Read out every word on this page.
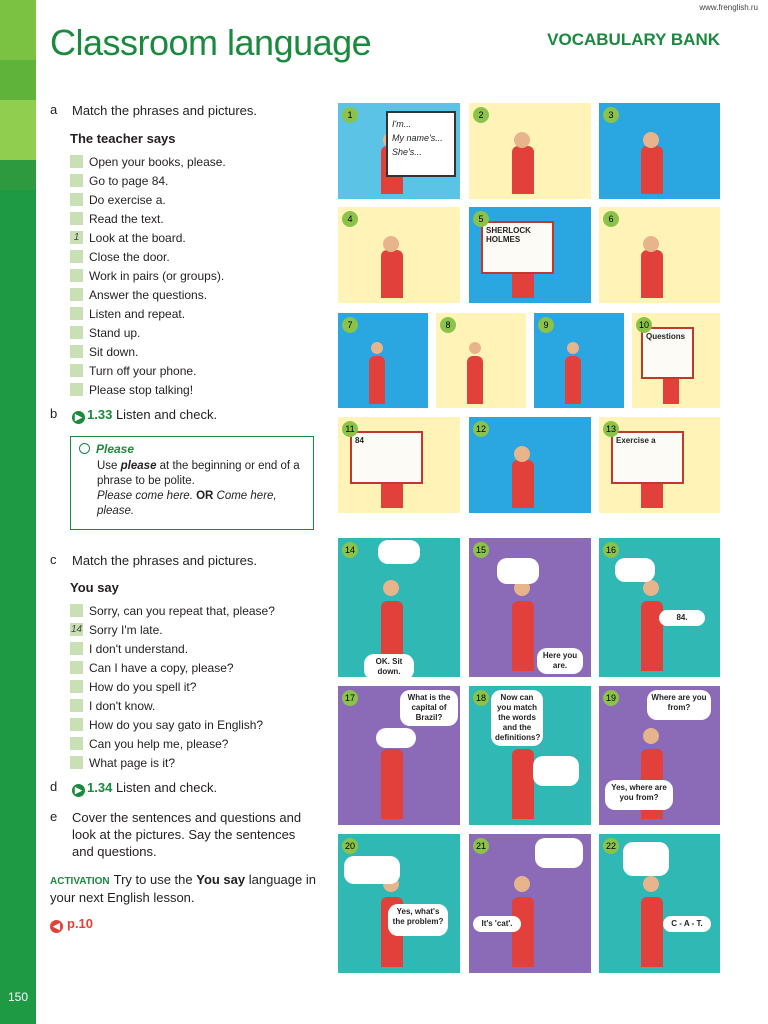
150
www.frenglish.ru
Classroom language	VOCABULARY BANK
a Match the phrases and pictures.
The teacher says
Open your books, please.
Go to page 84.
Do exercise a.
Read the text.
1 Look at the board.
Close the door.
Work in pairs (or groups).
Answer the questions.
Listen and repeat.
Stand up.
Sit down.
Turn off your phone.
Please stop talking!
b	▶ 1.33 Listen and check.
Please
Use please at the beginning or end of a phrase to be polite.
Please come here. OR Come here, please.
c Match the phrases and pictures.
You say
Sorry, can you repeat that, please?
14 Sorry I'm late.
I don't understand.
Can I have a copy, please?
How do you spell it?
I don't know.
How do you say gato in English?
Can you help me, please?
What page is it?
d	▶ 1.34 Listen and check.
e Cover the sentences and questions and look at the pictures. Say the sentences and questions.
ACTIVATION Try to use the You say language in your next English lesson.
◀ p.10
I'm...
My name's...
She's...
1	2	3
4
SHERLOCK HOLMES
5	6
7	8	9
Questions
10
84
11	12
Exercise a
13
OK. Sit down.
14
Here you are.
15
84.
16
What is the capital of Brazil?
17	Now can you match the words and the definitions?
18	Where are you from?
Yes, where are you from?
19
Yes, what's the problem?
20
It's 'cat'.
21
C - A - T.
22
